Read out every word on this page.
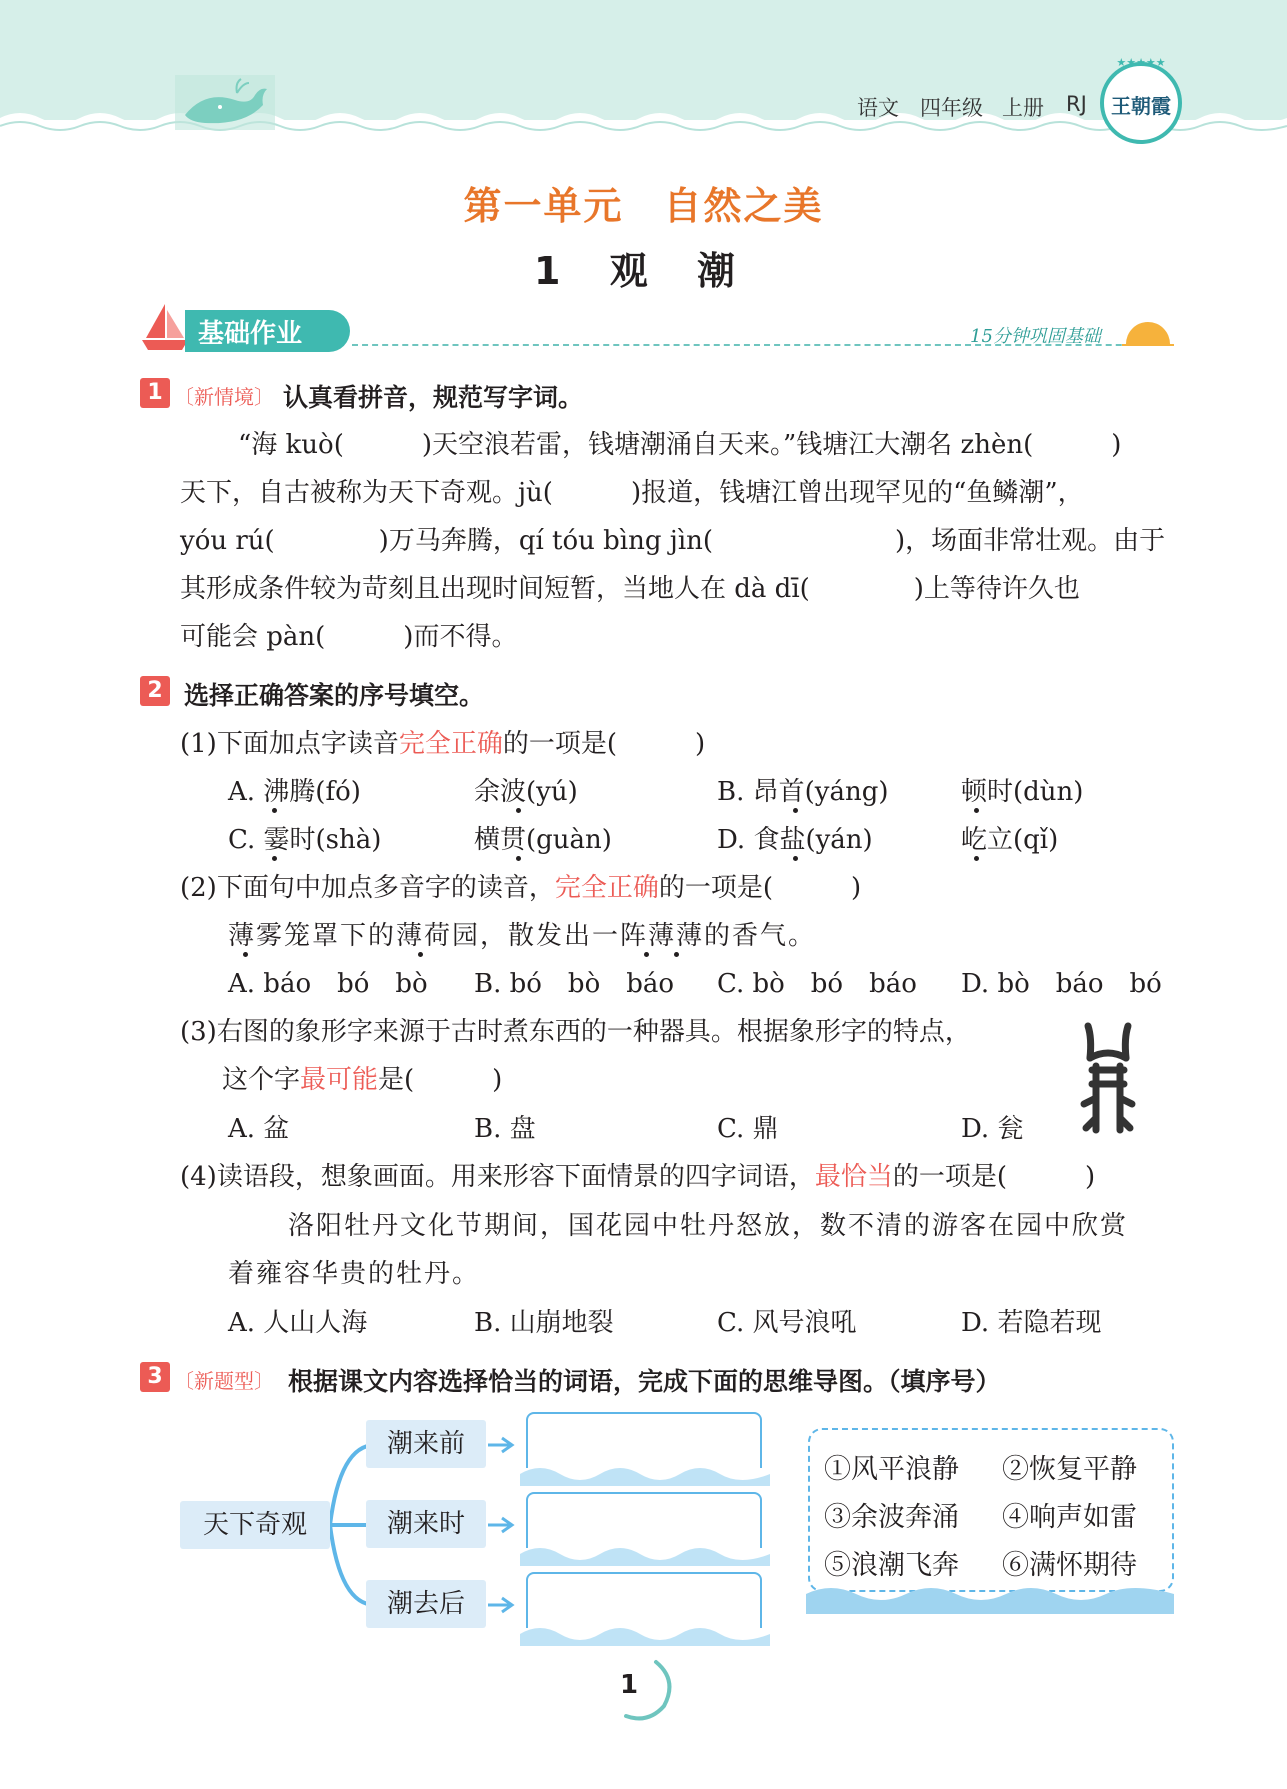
语文 四年级 上册 RJ	王朝霞
★★★★★
第一单元　自然之美
1 观 潮
基础作业	15分钟巩固基础
1 〔新情境〕 认真看拼音，规范写字词。
“海 kuò(　　　)天空浪若雷，钱塘潮涌自天来。”钱塘江大潮名 zhèn(　　　)
天下，自古被称为天下奇观。jù(　　　)报道，钱塘江曾出现罕见的“鱼鳞潮”，
yóu rú(　　　　)万马奔腾，qí tóu bìng jìn(　　　　　　　)，场面非常壮观。由于
其形成条件较为苛刻且出现时间短暂，当地人在 dà dī(　　　　)上等待许久也
可能会 pàn(　　　)而不得。
2 选择正确答案的序号填空。
(1)下面加点字读音完全正确的一项是(　　　)
A. 沸腾(fó)	余波(yú)	B. 昂首(yáng)	顿时(dùn)
C. 霎时(shà)	横贯(guàn)	D. 食盐(yán)	屹立(qǐ)
(2)下面句中加点多音字的读音，完全正确的一项是(　　　)
薄雾笼罩下的薄荷园，散发出一阵薄薄的香气。
A. báo　bó　bò B. bó　bò　báo C. bò　bó　báo D. bò　báo　bó
(3)右图的象形字来源于古时煮东西的一种器具。根据象形字的特点，
这个字最可能是(　　　)
A. 盆	B. 盘	C. 鼎	D. 瓮
(4)读语段，想象画面。用来形容下面情景的四字词语，最恰当的一项是(　　　)
洛阳牡丹文化节期间，国花园中牡丹怒放，数不清的游客在园中欣赏
着雍容华贵的牡丹。
A. 人山人海	B. 山崩地裂	C. 风号浪吼	D. 若隐若现
3 〔新题型〕 根据课文内容选择恰当的词语，完成下面的思维导图。（填序号）
天下奇观
潮来前
潮来时
潮去后
①风平浪静 ②恢复平静
③余波奔涌 ④响声如雷
⑤浪潮飞奔 ⑥满怀期待
1
